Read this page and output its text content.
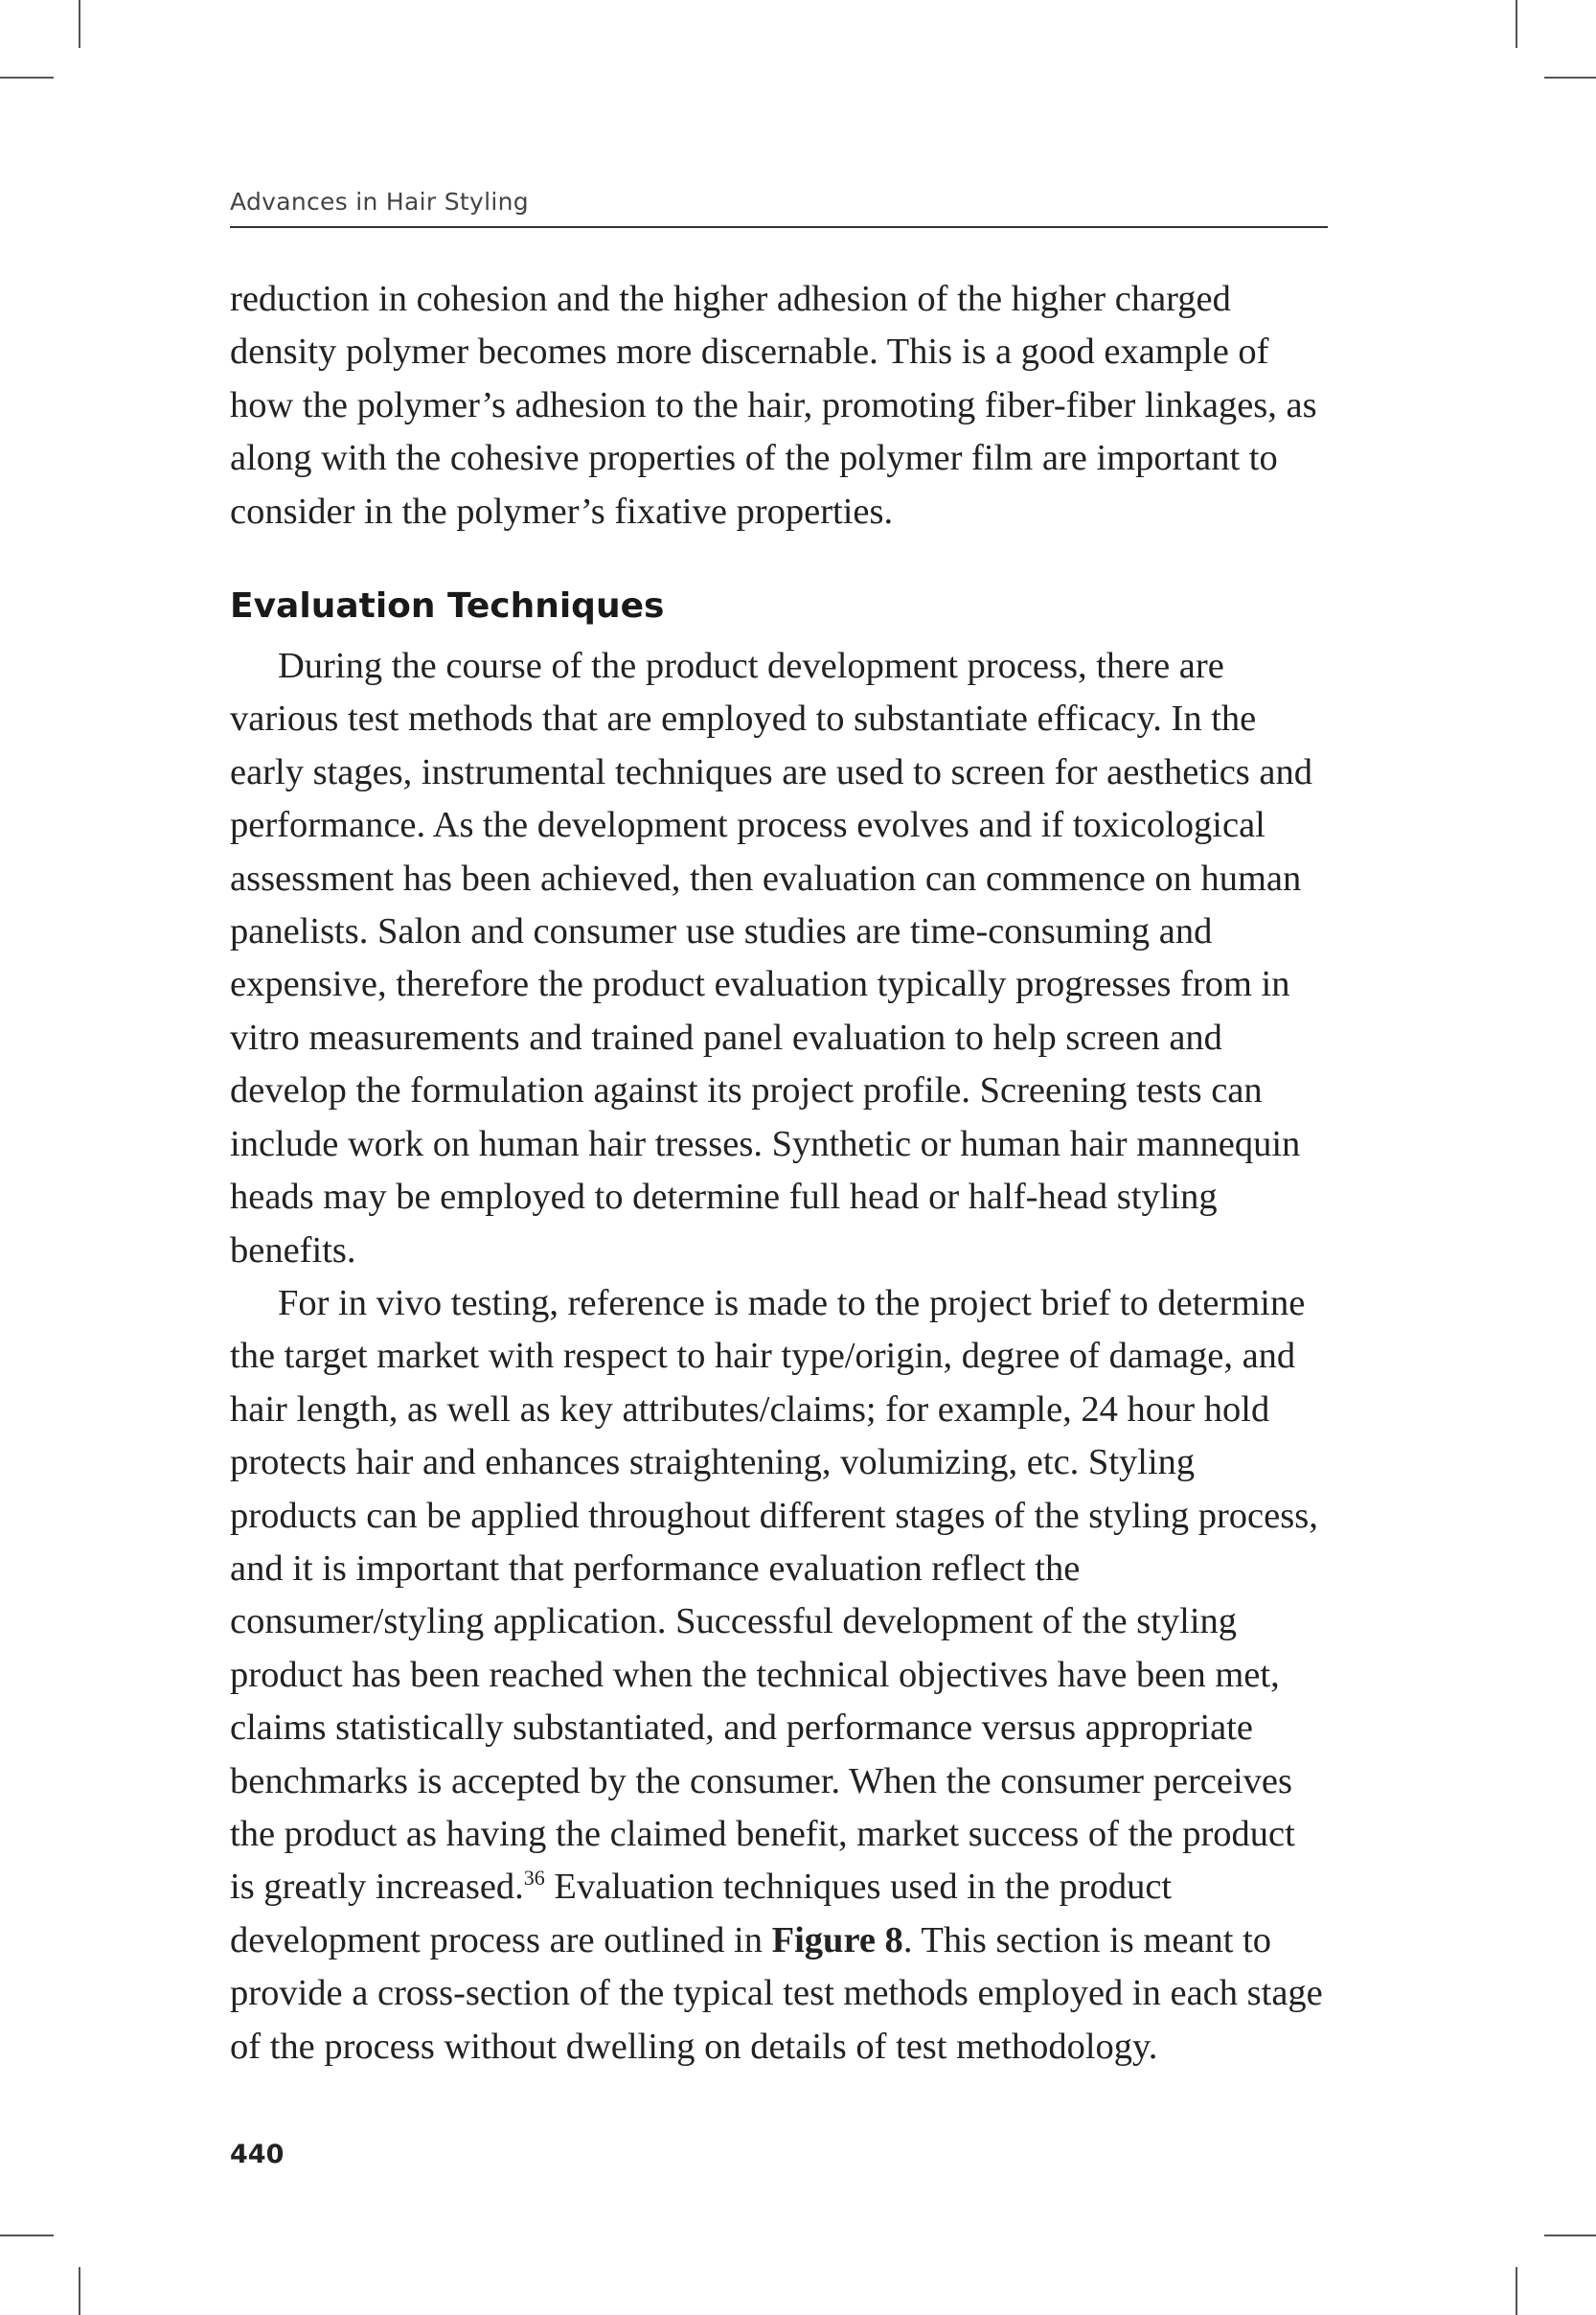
Advances in Hair Styling

reduction in cohesion and the higher adhesion of the higher charged density polymer becomes more discernable. This is a good example of how the polymer’s adhesion to the hair, promoting fiber-fiber linkages, as along with the cohesive properties of the polymer film are important to consider in the polymer’s fixative properties.

Evaluation Techniques

During the course of the product development process, there are various test methods that are employed to substantiate efficacy. In the early stages, instrumental techniques are used to screen for aesthetics and performance. As the development process evolves and if toxicological assessment has been achieved, then evaluation can commence on human panelists. Salon and consumer use studies are time-consuming and expensive, therefore the product evaluation typically progresses from in vitro measurements and trained panel evaluation to help screen and develop the formulation against its project profile. Screening tests can include work on human hair tresses. Synthetic or human hair mannequin heads may be employed to determine full head or half-head styling benefits.

For in vivo testing, reference is made to the project brief to determine the target market with respect to hair type/origin, degree of damage, and hair length, as well as key attributes/claims; for example, 24 hour hold protects hair and enhances straightening, volumizing, etc. Styling products can be applied throughout different stages of the styling process, and it is important that performance evaluation reflect the consumer/styling application. Successful development of the styling product has been reached when the technical objectives have been met, claims statistically substantiated, and performance versus appropriate benchmarks is accepted by the consumer. When the consumer perceives the product as having the claimed benefit, market success of the product is greatly increased.$^{36}$ Evaluation techniques used in the product development process are outlined in Figure 8. This section is meant to provide a cross-section of the typical test methods employed in each stage of the process without dwelling on details of test methodology.

440
